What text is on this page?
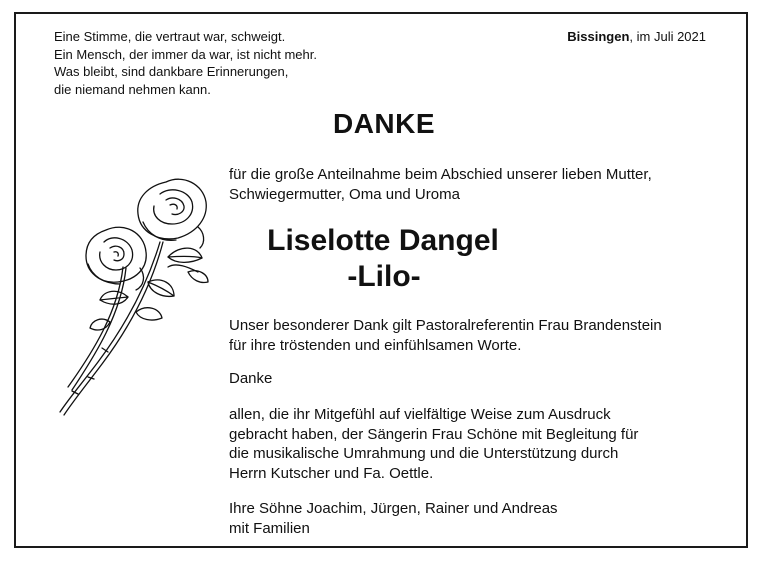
Eine Stimme, die vertraut war, schweigt.
Ein Mensch, der immer da war, ist nicht mehr.
Was bleibt, sind dankbare Erinnerungen,
die niemand nehmen kann.
Bissingen, im Juli 2021
DANKE
für die große Anteilnahme beim Abschied unserer lieben Mutter,
Schwiegermutter, Oma und Uroma
Liselotte Dangel
-Lilo-
Unser besonderer Dank gilt Pastoralreferentin Frau Brandenstein
für ihre tröstenden und einfühlsamen Worte.
Danke
allen, die ihr Mitgefühl auf vielfältige Weise zum Ausdruck
gebracht haben, der Sängerin Frau Schöne mit Begleitung für
die musikalische Umrahmung und die Unterstützung durch
Herrn Kutscher und Fa. Oettle.
Ihre Söhne Joachim, Jürgen, Rainer und Andreas
mit Familien
